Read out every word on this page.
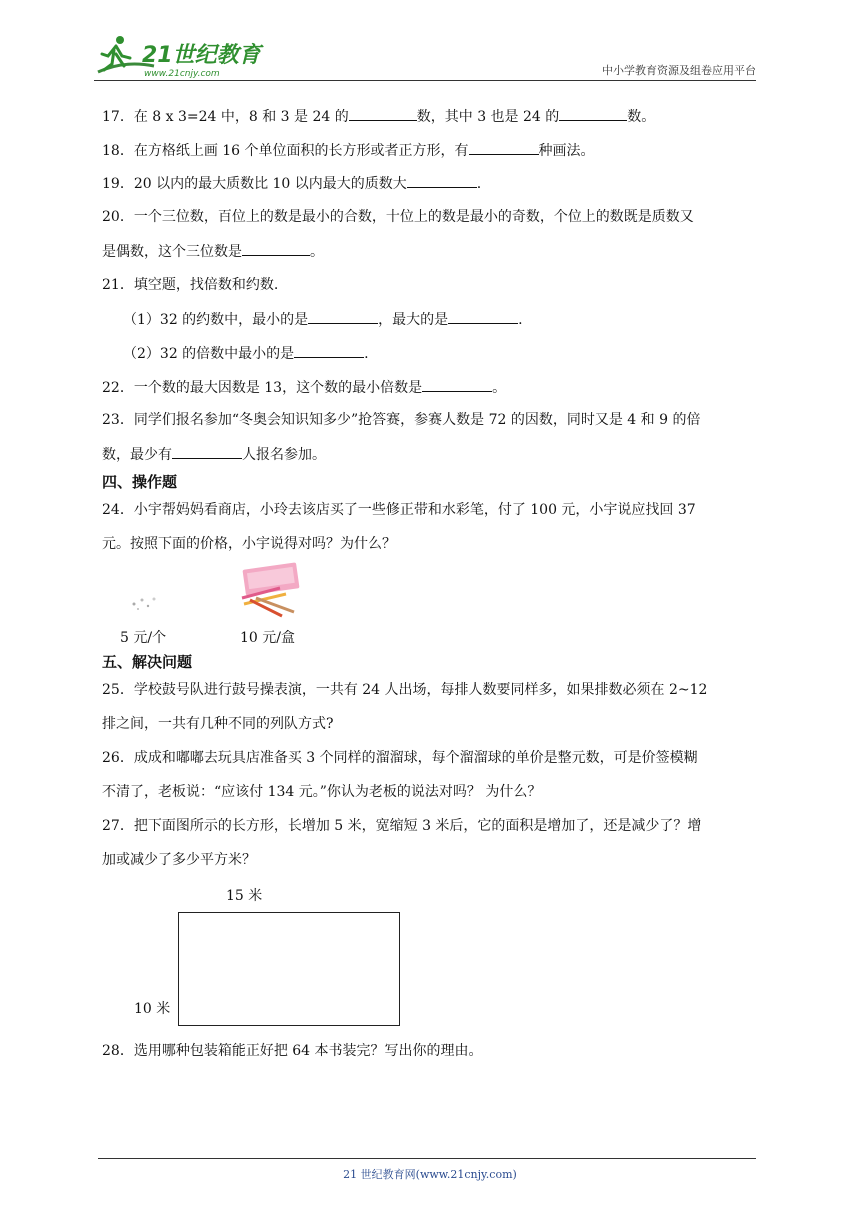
21世纪教育
www.21cnjy.com	中小学教育资源及组卷应用平台
17．在 8 x 3=24 中，8 和 3 是 24 的	数，其中 3 也是 24 的	数。
18．在方格纸上画 16 个单位面积的长方形或者正方形，有	种画法。
19．20 以内的最大质数比 10 以内最大的质数大	.
20．一个三位数，百位上的数是最小的合数，十位上的数是最小的奇数，个位上的数既是质数又
是偶数，这个三位数是	。
21．填空题，找倍数和约数.
（1）32 的约数中，最小的是	，最大的是	.
（2）32 的倍数中最小的是	.
22．一个数的最大因数是 13，这个数的最小倍数是	。
23．同学们报名参加“冬奥会知识知多少”抢答赛，参赛人数是 72 的因数，同时又是 4 和 9 的倍
数，最少有	人报名参加。
四、操作题
24．小宇帮妈妈看商店，小玲去该店买了一些修正带和水彩笔，付了 100 元，小宇说应找回 37
元。按照下面的价格，小宇说得对吗？为什么？
5 元/个	10 元/盒
五、解决问题
25．学校鼓号队进行鼓号操表演，一共有 24 人出场，每排人数要同样多，如果排数必须在 2~12
排之间，一共有几种不同的列队方式?
26．成成和嘟嘟去玩具店准备买 3 个同样的溜溜球，每个溜溜球的单价是整元数，可是价签模糊
不清了，老板说：“应该付 134 元。”你认为老板的说法对吗？ 为什么？
27．把下面图所示的长方形，长增加 5 米，宽缩短 3 米后，它的面积是增加了，还是减少了？增
加或减少了多少平方米？
15 米
10 米
28．选用哪种包装箱能正好把 64 本书装完？写出你的理由。
21 世纪教育网(www.21cnjy.com)
